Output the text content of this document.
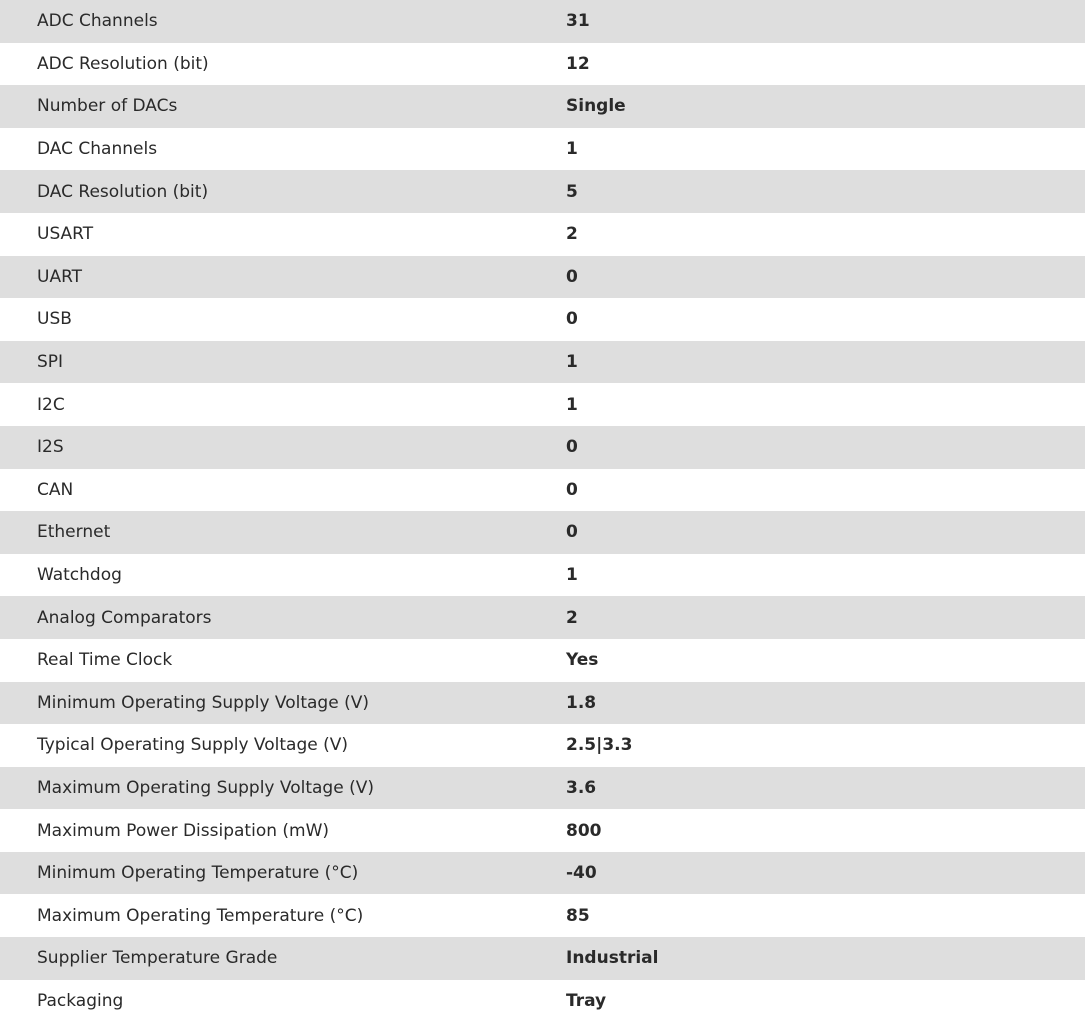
ADC Channels	31
ADC Resolution (bit)	12
Number of DACs	Single
DAC Channels	1
DAC Resolution (bit)	5
USART	2
UART	0
USB	0
SPI	1
I2C	1
I2S	0
CAN	0
Ethernet	0
Watchdog	1
Analog Comparators	2
Real Time Clock	Yes
Minimum Operating Supply Voltage (V)	1.8
Typical Operating Supply Voltage (V)	2.5|3.3
Maximum Operating Supply Voltage (V)	3.6
Maximum Power Dissipation (mW)	800
Minimum Operating Temperature (°C)	-40
Maximum Operating Temperature (°C)	85
Supplier Temperature Grade	Industrial
Packaging	Tray
